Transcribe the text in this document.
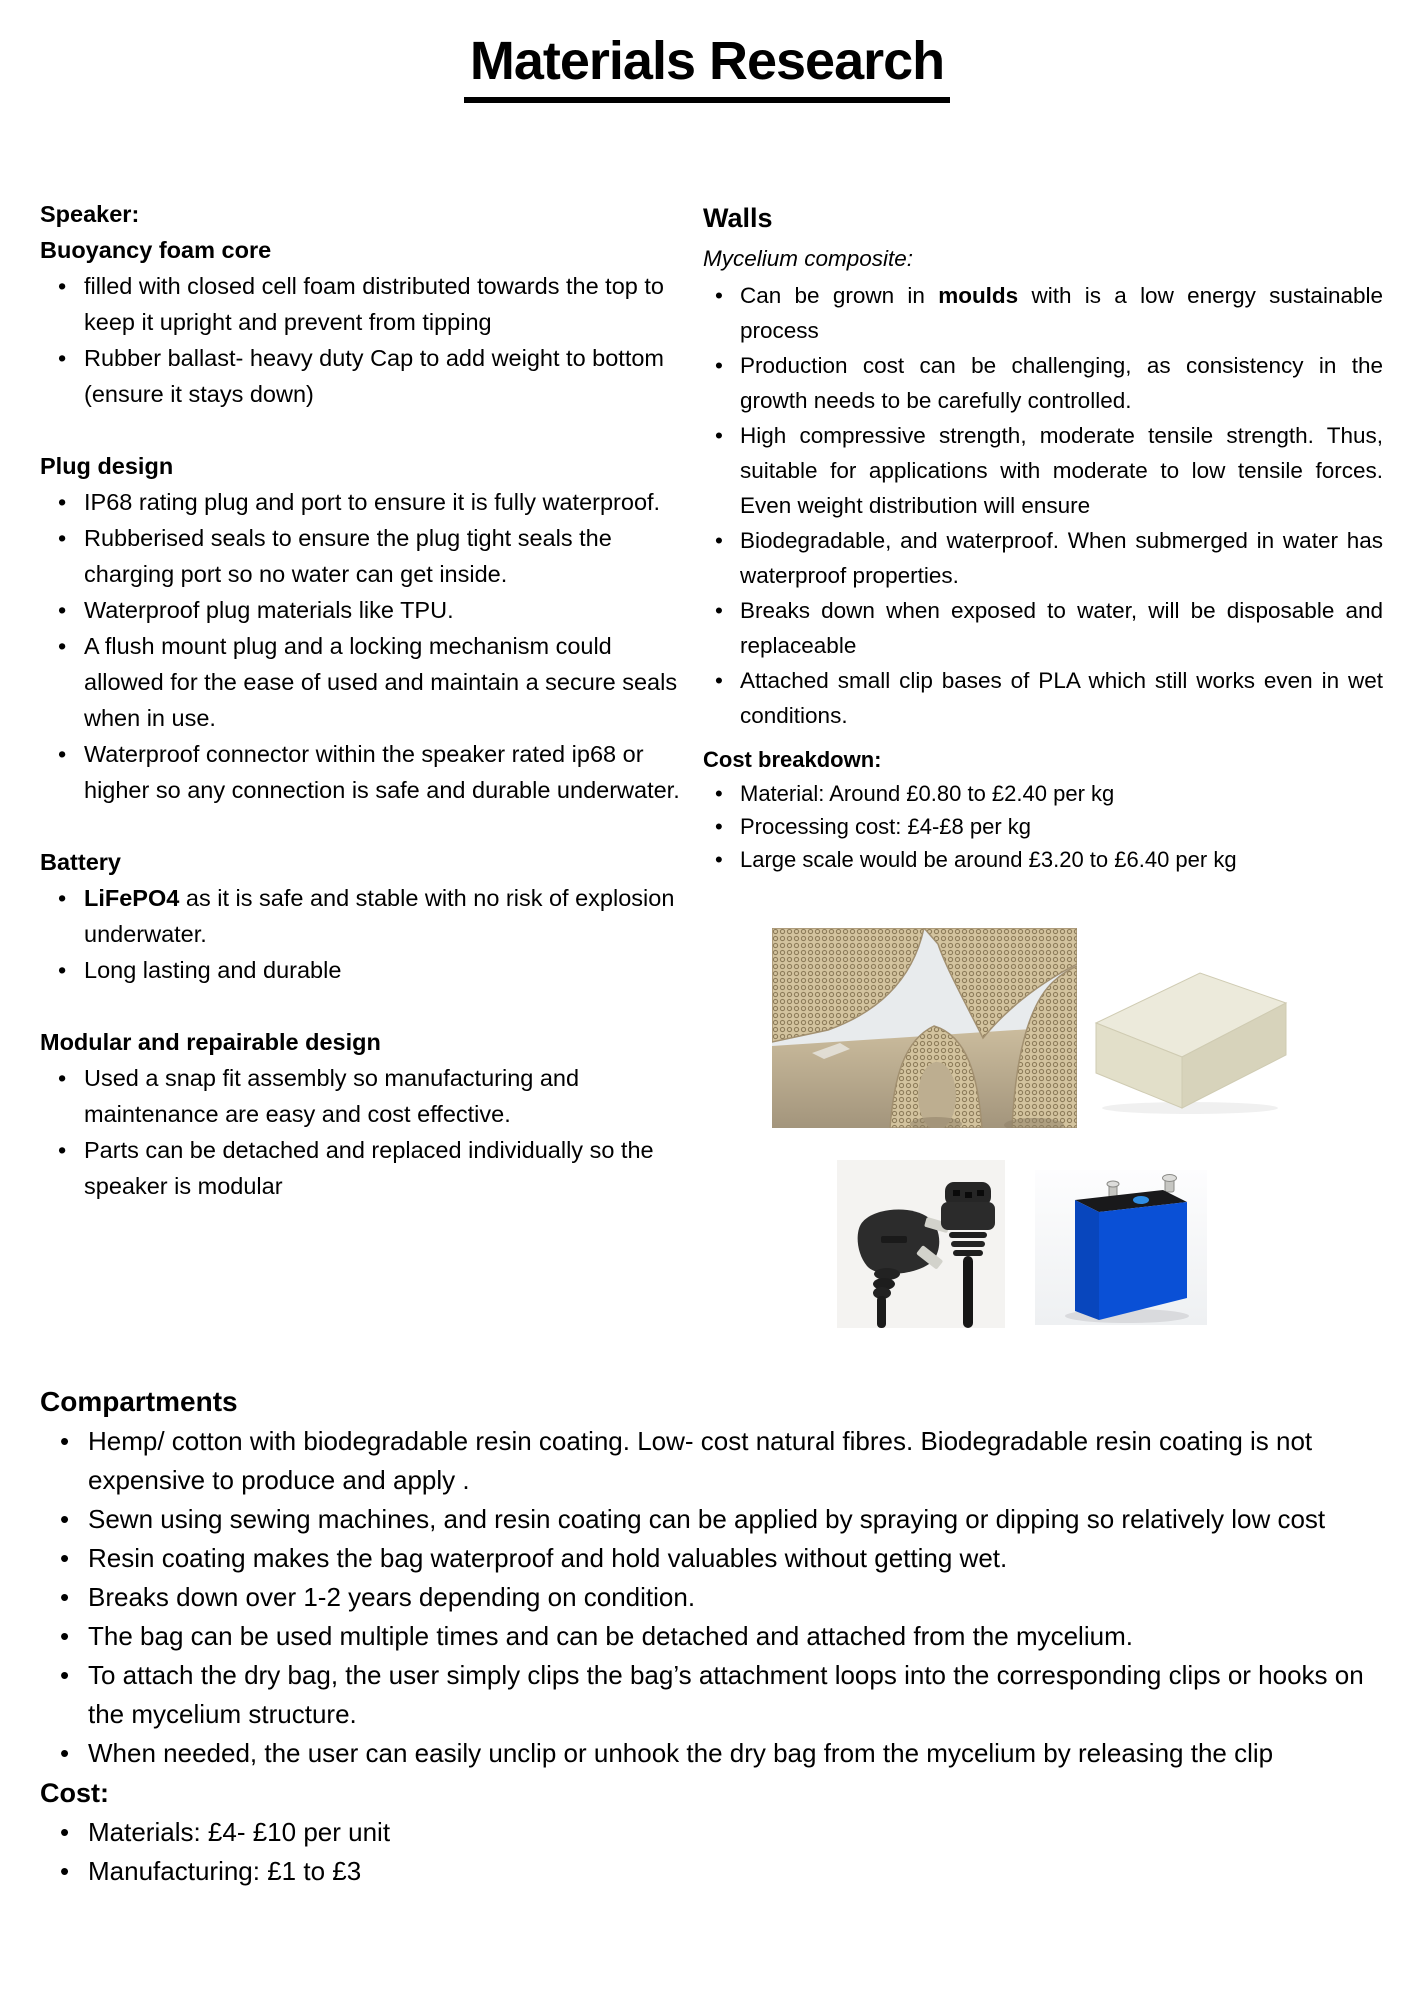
Materials Research
Speaker:
Buoyancy foam core
• filled with closed cell foam distributed towards the top to keep it upright and prevent from tipping
• Rubber ballast- heavy duty Cap to add weight to bottom (ensure it stays down)
Plug design
• IP68 rating plug and port to ensure it is fully waterproof.
• Rubberised seals to ensure the plug tight seals the charging port so no water can get inside.
• Waterproof plug materials like TPU.
• A flush mount plug and a locking mechanism could allowed for the ease of used and maintain a secure seals when in use.
• Waterproof connector within the speaker rated ip68 or higher so any connection is safe and durable underwater.
Battery
• LiFePO4 as it is safe and stable with no risk of explosion underwater.
• Long lasting and durable
Modular and repairable design
• Used a snap fit assembly so manufacturing and maintenance are easy and cost effective.
• Parts can be detached and replaced individually so the speaker is modular
Walls
Mycelium composite:
• Can be grown in moulds with is a low energy sustainable process
• Production cost can be challenging, as consistency in the growth needs to be carefully controlled.
• High compressive strength, moderate tensile strength. Thus, suitable for applications with moderate to low tensile forces. Even weight distribution will ensure
• Biodegradable, and waterproof. When submerged in water has waterproof properties.
• Breaks down when exposed to water, will be disposable and replaceable
• Attached small clip bases of PLA which still works even in wet conditions.
Cost breakdown:
• Material: Around £0.80 to £2.40 per kg
• Processing cost: £4-£8 per kg
• Large scale would be around £3.20 to £6.40 per kg
Compartments
• Hemp/ cotton with biodegradable resin coating. Low- cost natural fibres. Biodegradable resin coating is not expensive to produce and apply .
• Sewn using sewing machines, and resin coating can be applied by spraying or dipping so relatively low cost
• Resin coating makes the bag waterproof and hold valuables without getting wet.
• Breaks down over 1-2 years depending on condition.
• The bag can be used multiple times and can be detached and attached from the mycelium.
• To attach the dry bag, the user simply clips the bag’s attachment loops into the corresponding clips or hooks on the mycelium structure.
• When needed, the user can easily unclip or unhook the dry bag from the mycelium by releasing the clip
Cost:
• Materials: £4- £10 per unit
• Manufacturing: £1 to £3
